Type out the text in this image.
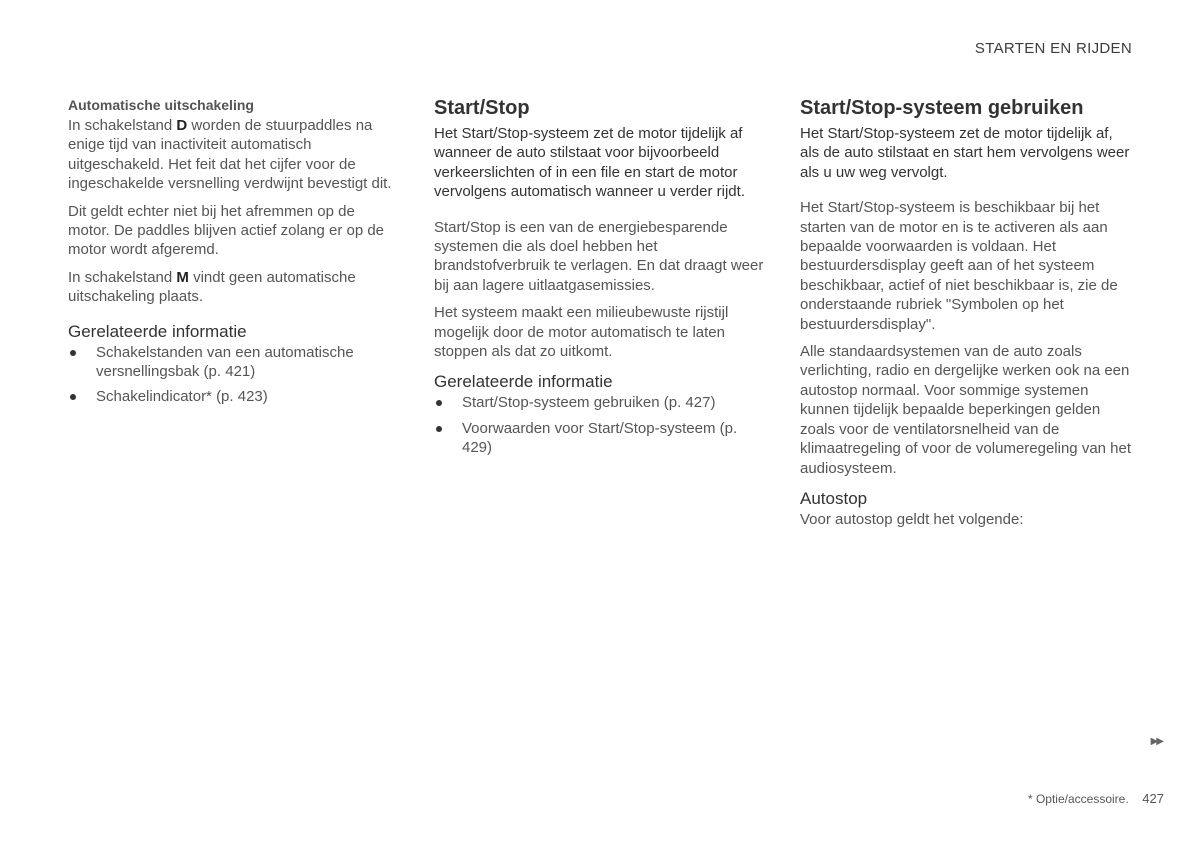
STARTEN EN RIJDEN
Automatische uitschakeling

In schakelstand D worden de stuurpaddles na enige tijd van inactiviteit automatisch uitgeschakeld. Het feit dat het cijfer voor de ingeschakelde versnelling verdwijnt bevestigt dit.

Dit geldt echter niet bij het afremmen op de motor. De paddles blijven actief zolang er op de motor wordt afgeremd.

In schakelstand M vindt geen automatische uitschakeling plaats.

Gerelateerde informatie
Schakelstanden van een automatische versnellingsbak (p. 421)
Schakelindicator* (p. 423)
Start/Stop

Het Start/Stop-systeem zet de motor tijdelijk af wanneer de auto stilstaat voor bijvoorbeeld verkeerslichten of in een file en start de motor vervolgens automatisch wanneer u verder rijdt.

Start/Stop is een van de energiebesparende systemen die als doel hebben het brandstofverbruik te verlagen. En dat draagt weer bij aan lagere uitlaatgasemissies.

Het systeem maakt een milieubewuste rijstijl mogelijk door de motor automatisch te laten stoppen als dat zo uitkomt.

Gerelateerde informatie
Start/Stop-systeem gebruiken (p. 427)
Voorwaarden voor Start/Stop-systeem (p. 429)
Start/Stop-systeem gebruiken

Het Start/Stop-systeem zet de motor tijdelijk af, als de auto stilstaat en start hem vervolgens weer als u uw weg vervolgt.

Het Start/Stop-systeem is beschikbaar bij het starten van de motor en is te activeren als aan bepaalde voorwaarden is voldaan. Het bestuurdersdisplay geeft aan of het systeem beschikbaar, actief of niet beschikbaar is, zie de onderstaande rubriek "Symbolen op het bestuurdersdisplay".

Alle standaardsystemen van de auto zoals verlichting, radio en dergelijke werken ook na een autostop normaal. Voor sommige systemen kunnen tijdelijk bepaalde beperkingen gelden zoals voor de ventilatorsnelheid van de klimaatregeling of voor de volumeregeling van het audiosysteem.

Autostop

Voor autostop geldt het volgende:

▶▶
* Optie/accessoire. 427
